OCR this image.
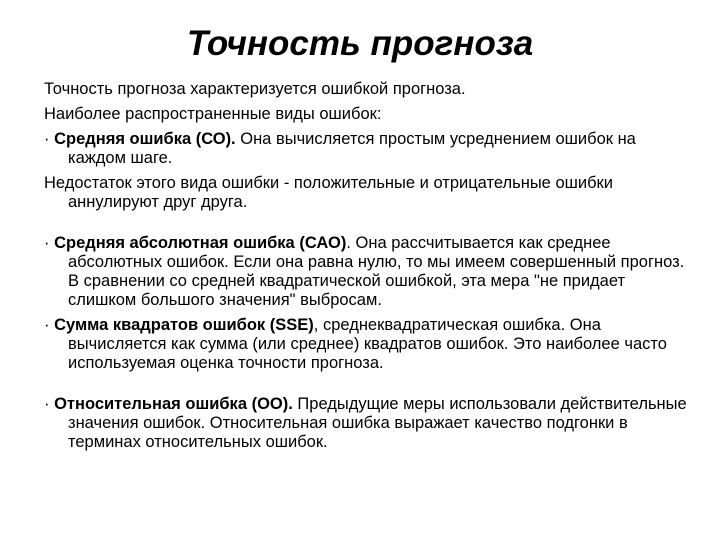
Точность прогноза

Точность прогноза характеризуется ошибкой прогноза.

Наиболее распространенные виды ошибок:

· Средняя ошибка (СО). Она вычисляется простым усреднением ошибок на каждом шаге.

Недостаток этого вида ошибки - положительные и отрицательные ошибки аннулируют друг друга.

· Средняя абсолютная ошибка (САО). Она рассчитывается как среднее абсолютных ошибок. Если она равна нулю, то мы имеем совершенный прогноз. В сравнении со средней квадратической ошибкой, эта мера "не придает слишком большого значения" выбросам.

· Сумма квадратов ошибок (SSE), среднеквадратическая ошибка. Она вычисляется как сумма (или среднее) квадратов ошибок. Это наиболее часто используемая оценка точности прогноза.

· Относительная ошибка (ОО). Предыдущие меры использовали действительные значения ошибок. Относительная ошибка выражает качество подгонки в терминах относительных ошибок.
